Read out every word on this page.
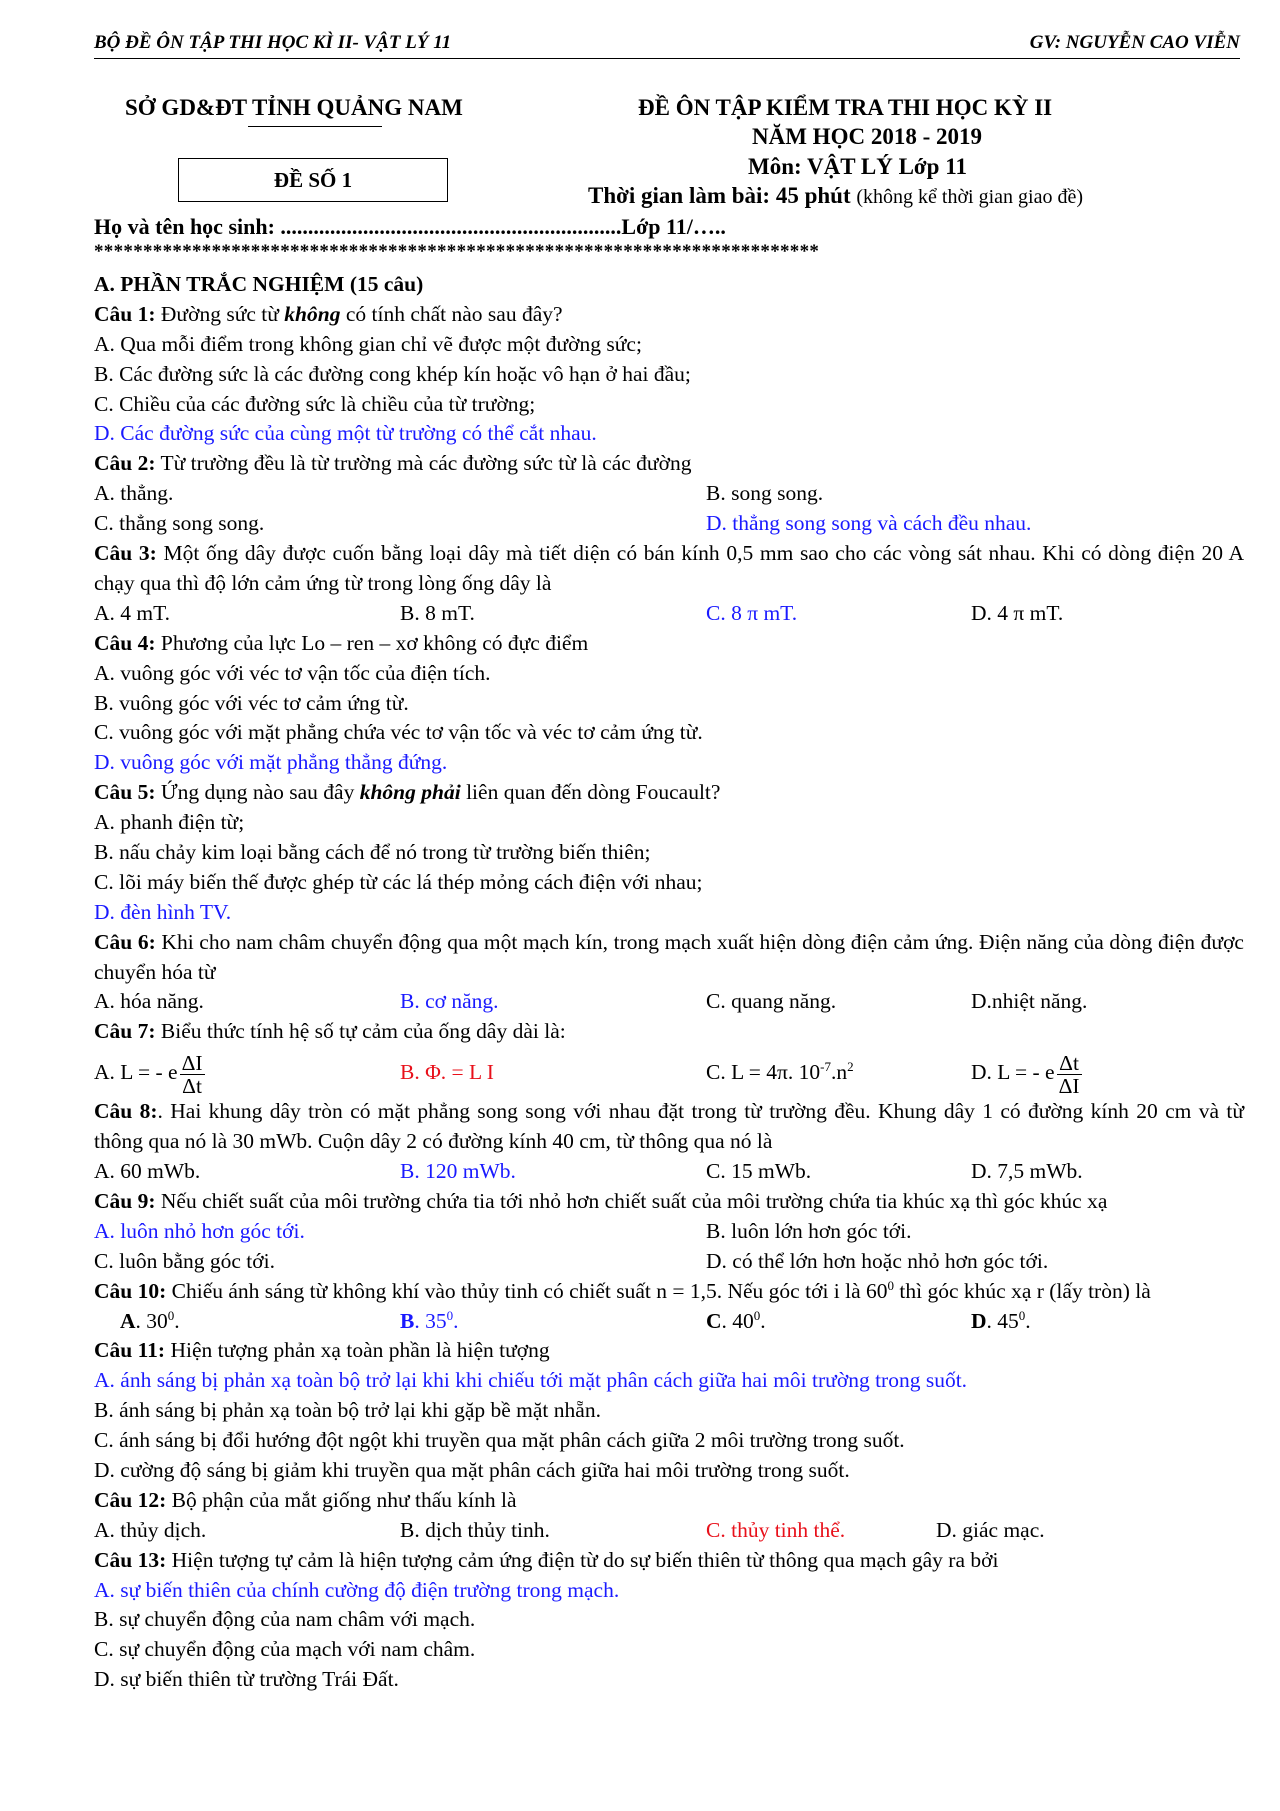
BỘ ĐỀ ÔN TẬP THI HỌC KÌ II- VẬT LÝ 11	GV: NGUYỄN CAO VIỄN
SỞ GD&ĐT TỈNH QUẢNG NAM
ĐỀ SỐ 1
ĐỀ ÔN TẬP KIỂM TRA THI HỌC KỲ II
NĂM HỌC 2018 - 2019
Môn: VẬT LÝ Lớp 11
Thời gian làm bài: 45 phút (không kể thời gian giao đề)
Họ và tên học sinh: ..............................................................Lớp 11/…..
**************************************************************************
A. PHẦN TRẮC NGHIỆM (15 câu)
Câu 1: Đường sức từ không có tính chất nào sau đây?
A. Qua mỗi điểm trong không gian chỉ vẽ được một đường sức;
B. Các đường sức là các đường cong khép kín hoặc vô hạn ở hai đầu;
C. Chiều của các đường sức là chiều của từ trường;
D. Các đường sức của cùng một từ trường có thể cắt nhau.
Câu 2: Từ trường đều là từ trường mà các đường sức từ là các đường
A. thẳng.	B. song song.
C. thẳng song song.	D. thẳng song song và cách đều nhau.
Câu 3: Một ống dây được cuốn bằng loại dây mà tiết diện có bán kính 0,5 mm sao cho các vòng sát nhau. Khi có dòng điện 20 A chạy qua thì độ lớn cảm ứng từ trong lòng ống dây là
A. 4 mT.	B. 8 mT.	C. 8 π mT.	D. 4 π mT.
Câu 4: Phương của lực Lo – ren – xơ không có đực điểm
A. vuông góc với véc tơ vận tốc của điện tích.
B. vuông góc với véc tơ cảm ứng từ.
C. vuông góc với mặt phẳng chứa véc tơ vận tốc và véc tơ cảm ứng từ.
D. vuông góc với mặt phẳng thẳng đứng.
Câu 5: Ứng dụng nào sau đây không phải liên quan đến dòng Foucault?
A. phanh điện từ;
B. nấu chảy kim loại bằng cách để nó trong từ trường biến thiên;
C. lõi máy biến thế được ghép từ các lá thép mỏng cách điện với nhau;
D. đèn hình TV.
Câu 6: Khi cho nam châm chuyển động qua một mạch kín, trong mạch xuất hiện dòng điện cảm ứng. Điện năng của dòng điện được chuyển hóa từ
A. hóa năng.	B. cơ năng.	C. quang năng.	D.nhiệt năng.
Câu 7: Biểu thức tính hệ số tự cảm của ống dây dài là:
A. L = - e $\frac{\Delta I}{\Delta t}$	B. Φ. = L I	C. L = 4π. $10^{-7}.n^2$	D. L = - e $\frac{\Delta t}{\Delta I}$
Câu 8:. Hai khung dây tròn có mặt phẳng song song với nhau đặt trong từ trường đều. Khung dây 1 có đường kính 20 cm và từ thông qua nó là 30 mWb. Cuộn dây 2 có đường kính 40 cm, từ thông qua nó là
A. 60 mWb.	B. 120 mWb.	C. 15 mWb.	D. 7,5 mWb.
Câu 9: Nếu chiết suất của môi trường chứa tia tới nhỏ hơn chiết suất của môi trường chứa tia khúc xạ thì góc khúc xạ
A. luôn nhỏ hơn góc tới.	B. luôn lớn hơn góc tới.
C. luôn bằng góc tới.	D. có thể lớn hơn hoặc nhỏ hơn góc tới.
Câu 10: Chiếu ánh sáng từ không khí vào thủy tinh có chiết suất n = 1,5. Nếu góc tới i là $60^0$ thì góc khúc xạ r (lấy tròn) là
A. $30^0$.	B. $35^0$.	C. $40^0$.	D. $45^0$.
Câu 11: Hiện tượng phản xạ toàn phần là hiện tượng
A. ánh sáng bị phản xạ toàn bộ trở lại khi khi chiếu tới mặt phân cách giữa hai môi trường trong suốt.
B. ánh sáng bị phản xạ toàn bộ trở lại khi gặp bề mặt nhẵn.
C. ánh sáng bị đổi hướng đột ngột khi truyền qua mặt phân cách giữa 2 môi trường trong suốt.
D. cường độ sáng bị giảm khi truyền qua mặt phân cách giữa hai môi trường trong suốt.
Câu 12: Bộ phận của mắt giống như thấu kính là
A. thủy dịch.	B. dịch thủy tinh.	C. thủy tinh thể.	D. giác mạc.
Câu 13: Hiện tượng tự cảm là hiện tượng cảm ứng điện từ do sự biến thiên từ thông qua mạch gây ra bởi
A. sự biến thiên của chính cường độ điện trường trong mạch.
B. sự chuyển động của nam châm với mạch.
C. sự chuyển động của mạch với nam châm.
D. sự biến thiên từ trường Trái Đất.
